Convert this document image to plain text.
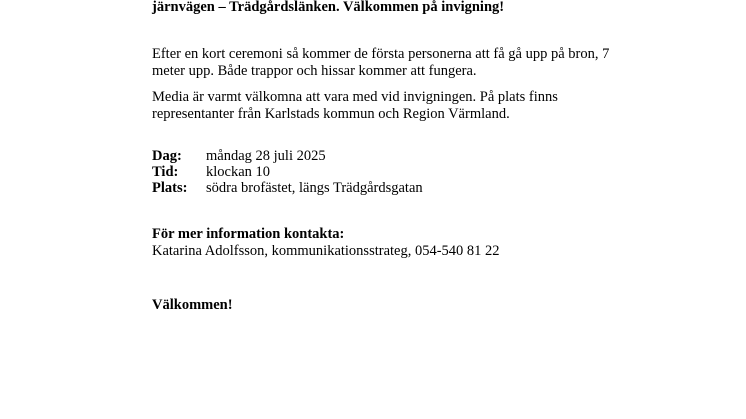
järnvägen – Trädgårdslänken. Välkommen på invigning!

Efter en kort ceremoni så kommer de första personerna att få gå upp på bron, 7 meter upp. Både trappor och hissar kommer att fungera.

Media är varmt välkomna att vara med vid invigningen. På plats finns representanter från Karlstads kommun och Region Värmland.

Dag:	måndag 28 juli 2025
Tid:	klockan 10
Plats:	södra brofästet, längs Trädgårdsgatan
För mer information kontakta:
Katarina Adolfsson, kommunikationsstrateg, 054-540 81 22
Välkommen!
